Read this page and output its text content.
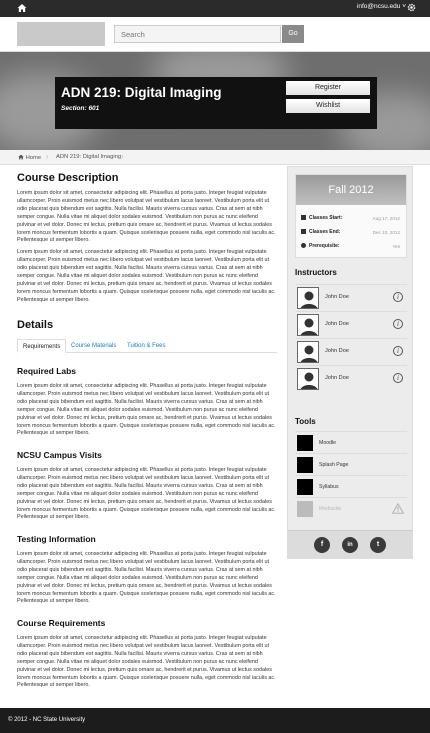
info@ncsu.edu ˅
Search
Go
ADN 219: Digital Imaging
Section: 601
Register
Wishlist
Home › ADN 219: Digital Imaging ›
Course Description

Lorem ipsum dolor sit amet, consectetur adipiscing elit. Phasellus at porta justo. Integer feugiat vulputate ullamcorper. Proin euismod metus nec libero volutpat vel vestibulum lacus laoreet. Vestibulum porta elit ut odio placerat quis bibendum est sagittis. Nulla facilisi. Mauris viverra cursus varius. Cras at sem at nibh semper congue. Nulla vitae mi aliquet dolor sodales euismod. Vestibulum non purus ac nunc eleifend pulvinar et vel dolor. Donec mi lectus, pretium quis ornare ac, hendrerit et purus. Vivamus ut lectus sodales lorem moncus fermentum lobortis a quam. Quisque scelerisque posuere nulla, eget commodo nisl iaculis ac. Pellentesque ut semper libero.

Lorem ipsum dolor sit amet, consectetur adipiscing elit. Phasellus at porta justo. Integer feugiat vulputate ullamcorper. Proin euismod metus nec libero volutpat vel vestibulum lacus laoreet. Vestibulum porta elit ut odio placerat quis bibendum est sagittis. Nulla facilisi. Mauris viverra cursus varius. Cras at sem at nibh semper congue. Nulla vitae mi aliquet dolor sodales euismod. Vestibulum non purus ac nunc eleifend pulvinar et vel dolor. Donec mi lectus, pretium quis ornare ac, hendrerit et purus. Vivamus ut lectus sodales lorem moncus fermentum lobortis a quam. Quisque scelerisque posuere nulla, eget commodo nisl iaculis ac. Pellentesque ut semper libero.

Details
Requirements	Course Materials	Tuition & Fees
Required Labs

Lorem ipsum dolor sit amet, consectetur adipiscing elit. Phasellus at porta justo. Integer feugiat vulputate ullamcorper. Proin euismod metus nec libero volutpat vel vestibulum lacus laoreet. Vestibulum porta elit ut odio placerat quis bibendum est sagittis. Nulla facilisi. Mauris viverra cursus varius. Cras at sem at nibh semper congue. Nulla vitae mi aliquet dolor sodales euismod. Vestibulum non purus ac nunc eleifend pulvinar et vel dolor. Donec mi lectus, pretium quis ornare ac, hendrerit et purus. Vivamus ut lectus sodales lorem moncus fermentum lobortis a quam. Quisque scelerisque posuere nulla, eget commodo nisl iaculis ac. Pellentesque ut semper libero.

NCSU Campus Visits

Lorem ipsum dolor sit amet, consectetur adipiscing elit. Phasellus at porta justo. Integer feugiat vulputate ullamcorper. Proin euismod metus nec libero volutpat vel vestibulum lacus laoreet. Vestibulum porta elit ut odio placerat quis bibendum est sagittis. Nulla facilisi. Mauris viverra cursus varius. Cras at sem at nibh semper congue. Nulla vitae mi aliquet dolor sodales euismod. Vestibulum non purus ac nunc eleifend pulvinar et vel dolor. Donec mi lectus, pretium quis ornare ac, hendrerit et purus. Vivamus ut lectus sodales lorem moncus fermentum lobortis a quam. Quisque scelerisque posuere nulla, eget commodo nisl iaculis ac. Pellentesque ut semper libero.

Testing Information

Lorem ipsum dolor sit amet, consectetur adipiscing elit. Phasellus at porta justo. Integer feugiat vulputate ullamcorper. Proin euismod metus nec libero volutpat vel vestibulum lacus laoreet. Vestibulum porta elit ut odio placerat quis bibendum est sagittis. Nulla facilisi. Mauris viverra cursus varius. Cras at sem at nibh semper congue. Nulla vitae mi aliquet dolor sodales euismod. Vestibulum non purus ac nunc eleifend pulvinar et vel dolor. Donec mi lectus, pretium quis ornare ac, hendrerit et purus. Vivamus ut lectus sodales lorem moncus fermentum lobortis a quam. Quisque scelerisque posuere nulla, eget commodo nisl iaculis ac. Pellentesque ut semper libero.

Course Requirements

Lorem ipsum dolor sit amet, consectetur adipiscing elit. Phasellus at porta justo. Integer feugiat vulputate ullamcorper. Proin euismod metus nec libero volutpat vel vestibulum lacus laoreet. Vestibulum porta elit ut odio placerat quis bibendum est sagittis. Nulla facilisi. Mauris viverra cursus varius. Cras at sem at nibh semper congue. Nulla vitae mi aliquet dolor sodales euismod. Vestibulum non purus ac nunc eleifend pulvinar et vel dolor. Donec mi lectus, pretium quis ornare ac, hendrerit et purus. Vivamus ut lectus sodales lorem moncus fermentum lobortis a quam. Quisque scelerisque posuere nulla, eget commodo nisl iaculis ac. Pellentesque ut semper libero.

Fall 2012
Classes Start:	Aug 17, 2012
Classes End:	Dec 10, 2012
Prerequisite:	Yes
Instructors
John Doe	i
John Doe	i
John Doe	i
John Doe	i
Tools
Moodle
Splash Page
Syllabus
Mediasite
f	in	t
© 2012 - NC State University
